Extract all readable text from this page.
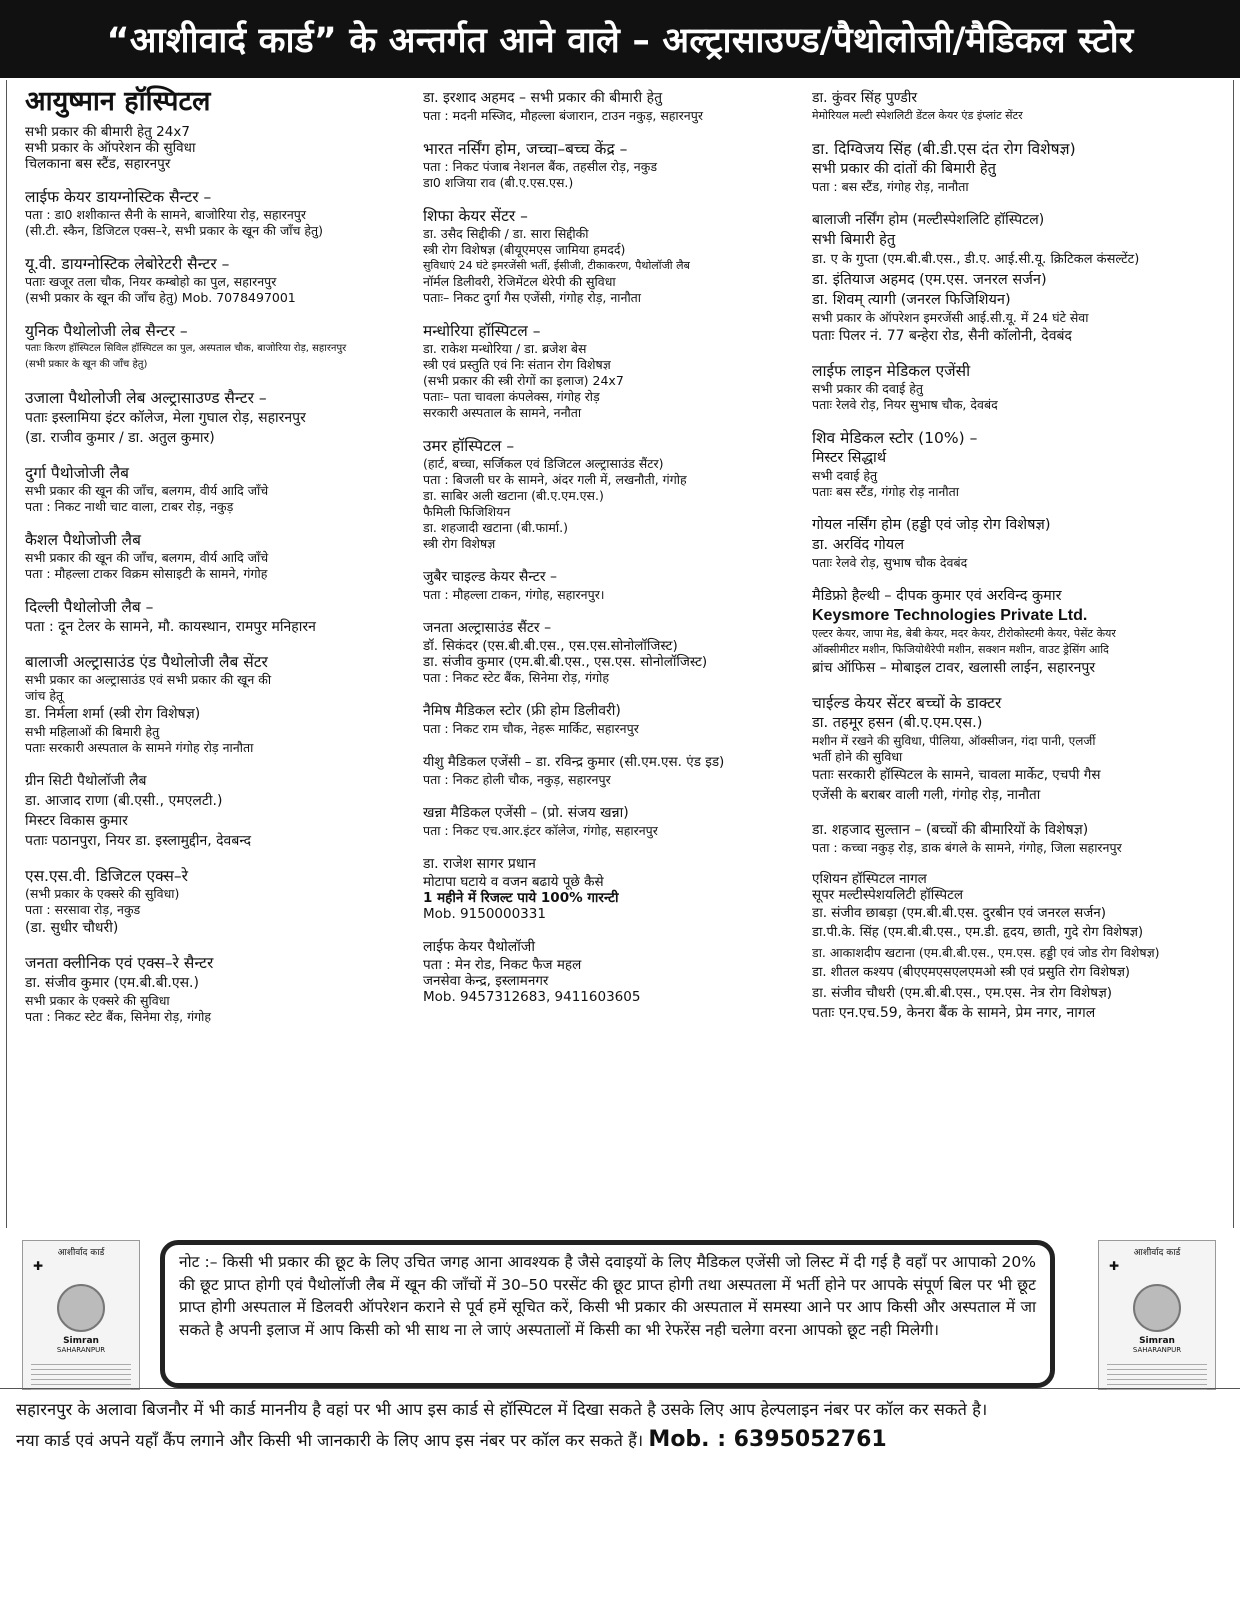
“आशीवार्द कार्ड” के अन्तर्गत आने वाले – अल्ट्रासाउण्ड/पैथोलोजी/मैडिकल स्टोर
आयुष्मान हॉस्पिटल
सभी प्रकार की बीमारी हेतु 24x7
सभी प्रकार के ऑपरेशन की सुविधा
चिलकाना बस स्टैंड, सहारनपुर
लाईफ केयर डायग्नोस्टिक सैन्टर –
पता : डा0 शशीकान्त सैनी के सामने, बाजोरिया रोड़, सहारनपुर
(सी.टी. स्कैन, डिजिटल एक्स–रे, सभी प्रकार के खून की जाँच हेतु)
यू.वी. डायग्नोस्टिक लेबोरेटरी सैन्टर –
पताः खजूर तला चौक, नियर कम्बोहो का पुल, सहारनपुर
(सभी प्रकार के खून की जाँच हेतु) Mob. 7078497001
युनिक पैथोलोजी लेब सैन्टर –
पताः किरण हॉस्पिटल सिविल हॉस्पिटल का पुल, अस्पताल चौक, बाजोरिया रोड़, सहारनपुर
(सभी प्रकार के खून की जाँच हेतु)
उजाला पैथोलोजी लेब अल्ट्रासाउण्ड सैन्टर –
पताः इस्लामिया इंटर कॉलेज, मेला गुघाल रोड़, सहारनपुर
(डा. राजीव कुमार / डा. अतुल कुमार)
दुर्गा पैथोजोजी लैब
सभी प्रकार की खून की जाँच, बलगम, वीर्य आदि जाँचे
पता : निकट नाथी चाट वाला, टाबर रोड़, नकुड़
कैशल पैथोजोजी लैब
सभी प्रकार की खून की जाँच, बलगम, वीर्य आदि जाँचे
पता : मौहल्ला टाकर विक्रम सोसाइटी के सामने, गंगोह
दिल्ली पैथोलोजी लैब –
पता : दून टेलर के सामने, मौ. कायस्थान, रामपुर मनिहारन
बालाजी अल्ट्रासाउंड एंड पैथोलोजी लैब सेंटर
सभी प्रकार का अल्ट्रासाउंड एवं सभी प्रकार की खून की
जांच हेतू
डा. निर्मला शर्मा (स्त्री रोग विशेषज्ञ)
सभी महिलाओं की बिमारी हेतु
पताः सरकारी अस्पताल के सामने गंगोह रोड़ नानौता
ग्रीन सिटी पैथोलॉजी लैब
डा. आजाद राणा (बी.एसी., एमएलटी.)
मिस्टर विकास कुमार
पताः पठानपुरा, नियर डा. इस्लामुद्दीन, देवबन्द
एस.एस.वी. डिजिटल एक्स–रे
(सभी प्रकार के एक्सरे की सुविधा)
पता : सरसावा रोड़, नकुड
(डा. सुधीर चौधरी)
जनता क्लीनिक एवं एक्स–रे सैन्टर
डा. संजीव कुमार (एम.बी.बी.एस.)
सभी प्रकार के एक्सरे की सुविधा
पता : निकट स्टेट बैंक, सिनेमा रोड़, गंगोह
डा. इरशाद अहमद – सभी प्रकार की बीमारी हेतु
पता : मदनी मस्जिद, मौहल्ला बंजारान, टाउन नकुड़, सहारनपुर
भारत नर्सिंग होम, जच्चा–बच्च केंद्र –
पता : निकट पंजाब नेशनल बैंक, तहसील रोड़, नकुड
डा0 शजिया राव (बी.ए.एस.एस.)
शिफा केयर सेंटर –
डा. उसैद सिद्दीकी / डा. सारा सिद्दीकी
स्त्री रोग विशेषज्ञ (बीयूएमएस जामिया हमदर्द)
सुविधाएं 24 घंटे इमरजेंसी भर्ती, ईसीजी, टीकाकरण, पैथोलॉजी लैब
नॉर्मल डिलीवरी, रेजिमेंटल थेरेपी की सुविधा
पताः– निकट दुर्गा गैस एजेंसी, गंगोह रोड़, नानौता
मन्धोरिया हॉस्पिटल –
डा. राकेश मन्धोरिया / डा. ब्रजेश बेस
स्त्री एवं प्रस्तुति एवं निः संतान रोग विशेषज्ञ
(सभी प्रकार की स्त्री रोगों का इलाज) 24x7
पताः– पता चावला कंपलेक्स, गंगोह रोड़
सरकारी अस्पताल के सामने, ननौता
उमर हॉस्पिटल –
(हार्ट, बच्चा, सर्जिकल एवं डिजिटल अल्ट्रासाउंड सैंटर)
पता : बिजली घर के सामने, अंदर गली में, लखनौती, गंगोह
डा. साबिर अली खटाना (बी.ए.एम.एस.)
फैमिली फिजिशियन
डा. शहजादी खटाना (बी.फार्मा.)
स्त्री रोग विशेषज्ञ
जुबैर चाइल्ड केयर सैन्टर –
पता : मौहल्ला टाकन, गंगोह, सहारनपुर।
जनता अल्ट्रासाउंड सैंटर –
डॉ. सिकंदर (एस.बी.बी.एस., एस.एस.सोनोलॉजिस्ट)
डा. संजीव कुमार (एम.बी.बी.एस., एस.एस. सोनोलॉजिस्ट)
पता : निकट स्टेट बैंक, सिनेमा रोड़, गंगोह
नैमिष मैडिकल स्टोर (फ्री होम डिलीवरी)
पता : निकट राम चौक, नेहरू मार्किट, सहारनपुर
यीशु मैडिकल एजेंसी – डा. रविन्द्र कुमार (सी.एम.एस. एंड इड)
पता : निकट होली चौक, नकुड़, सहारनपुर
खन्ना मैडिकल एजेंसी – (प्रो. संजय खन्ना)
पता : निकट एच.आर.इंटर कॉलेज, गंगोह, सहारनपुर
डा. राजेश सागर प्रधान
मोटापा घटाये व वजन बढाये पूछे कैसे
1 महीने में रिजल्ट पाये 100% गारन्टी
Mob. 9150000331
लाईफ केयर पैथोलॉजी
पता : मेन रोड, निकट फैज महल
जनसेवा केन्द्र, इस्लामनगर
Mob. 9457312683, 9411603605
डा. कुंवर सिंह पुण्डीर
मेमोरियल मल्टी स्पेशलिटी डेंटल केयर एंड इंप्लांट सेंटर
डा. दिग्विजय सिंह (बी.डी.एस दंत रोग विशेषज्ञ)
सभी प्रकार की दांतों की बिमारी हेतु
पता : बस स्टैंड, गंगोह रोड़, नानौता
बालाजी नर्सिंग होम (मल्टीस्पेशलिटि हॉस्पिटल)
सभी बिमारी हेतु
डा. ए के गुप्ता (एम.बी.बी.एस., डी.ए. आई.सी.यू. क्रिटिकल कंसल्टेंट)
डा. इंतियाज अहमद (एम.एस. जनरल सर्जन)
डा. शिवम् त्यागी (जनरल फिजिशियन)
सभी प्रकार के ऑपरेशन इमरजेंसी आई.सी.यू. में 24 घंटे सेवा
पताः पिलर नं. 77 बन्हेरा रोड, सैनी कॉलोनी, देवबंद
लाईफ लाइन मेडिकल एजेंसी
सभी प्रकार की दवाई हेतु
पताः रेलवे रोड़, नियर सुभाष चौक, देवबंद
शिव मेडिकल स्टोर (10%) –
मिस्टर सिद्धार्थ
सभी दवाई हेतु
पताः बस स्टैंड, गंगोह रोड़ नानौता
गोयल नर्सिंग होम (हड्डी एवं जोड़ रोग विशेषज्ञ)
डा. अरविंद गोयल
पताः रेलवे रोड़, सुभाष चौक देवबंद
मैडिफ्रो हैल्थी – दीपक कुमार एवं अरविन्द कुमार
Keysmore Technologies Private Ltd.
एल्टर केयर, जापा मेड, बेबी केयर, मदर केयर, टीरोकोस्टमी केयर, पेसेंट केयर
ऑक्सीमीटर मशीन, फिजियोथैरेपी मशीन, सक्शन मशीन, वाउट ड्रेसिंग आदि
ब्रांच ऑफिस – मोबाइल टावर, खलासी लाईन, सहारनपुर
चाईल्ड केयर सेंटर बच्चों के डाक्टर
डा. तहमूर हसन (बी.ए.एम.एस.)
मशीन में रखने की सुविधा, पीलिया, ऑक्सीजन, गंदा पानी, एलर्जी
भर्ती होने की सुविधा
पताः सरकारी हॉस्पिटल के सामने, चावला मार्केट, एचपी गैस
एजेंसी के बराबर वाली गली, गंगोह रोड़, नानौता
डा. शहजाद सुल्तान – (बच्चों की बीमारियों के विशेषज्ञ)
पता : कच्चा नकुड़ रोड़, डाक बंगले के सामने, गंगोह, जिला सहारनपुर
एशियन हॉस्पिटल नागल
सूपर मल्टीस्पेशयलिटी हॉस्पिटल
डा. संजीव छाबड़ा (एम.बी.बी.एस. दुरबीन एवं जनरल सर्जन)
डा.पी.के. सिंह (एम.बी.बी.एस., एम.डी. हृदय, छाती, गुदे रोग विशेषज्ञ)
डा. आकाशदीप खटाना (एम.बी.बी.एस., एम.एस. हड्डी एवं जोड रोग विशेषज्ञ)
डा. शीतल कश्यप (बीएएमएसएलएमओ स्त्री एवं प्रसुति रोग विशेषज्ञ)
डा. संजीव चौधरी (एम.बी.बी.एस., एम.एस. नेत्र रोग विशेषज्ञ)
पताः एन.एच.59, केनरा बैंक के सामने, प्रेम नगर, नागल
आशीर्वाद कार्ड
✚
Simran
SAHARANPUR
नोट :– किसी भी प्रकार की छूट के लिए उचित जगह आना आवश्यक है जैसे दवाइयों के लिए मैडिकल एजेंसी जो लिस्ट में दी गई है वहाँ पर आपाको 20% की छूट प्राप्त होगी एवं पैथोलॉजी लैब में खून की जाँचों में 30–50 परसेंट की छूट प्राप्त होगी तथा अस्पतला में भर्ती होने पर आपके संपूर्ण बिल पर भी छूट प्राप्त होगी अस्पताल में डिलवरी ऑपरेशन कराने से पूर्व हमें सूचित करें, किसी भी प्रकार की अस्पताल में समस्या आने पर आप किसी और अस्पताल में जा सकते है अपनी इलाज में आप किसी को भी साथ ना ले जाएं अस्पतालों में किसी का भी रेफरेंस नही चलेगा वरना आपको छूट नही मिलेगी।
आशीर्वाद कार्ड
✚
Simran
SAHARANPUR
सहारनपुर के अलावा बिजनौर में भी कार्ड माननीय है वहां पर भी आप इस कार्ड से हॉस्पिटल में दिखा सकते है उसके लिए आप हेल्पलाइन नंबर पर कॉल कर सकते है।
नया कार्ड एवं अपने यहाँ कैंप लगाने और किसी भी जानकारी के लिए आप इस नंबर पर कॉल कर सकते हैं। Mob. : 6395052761
